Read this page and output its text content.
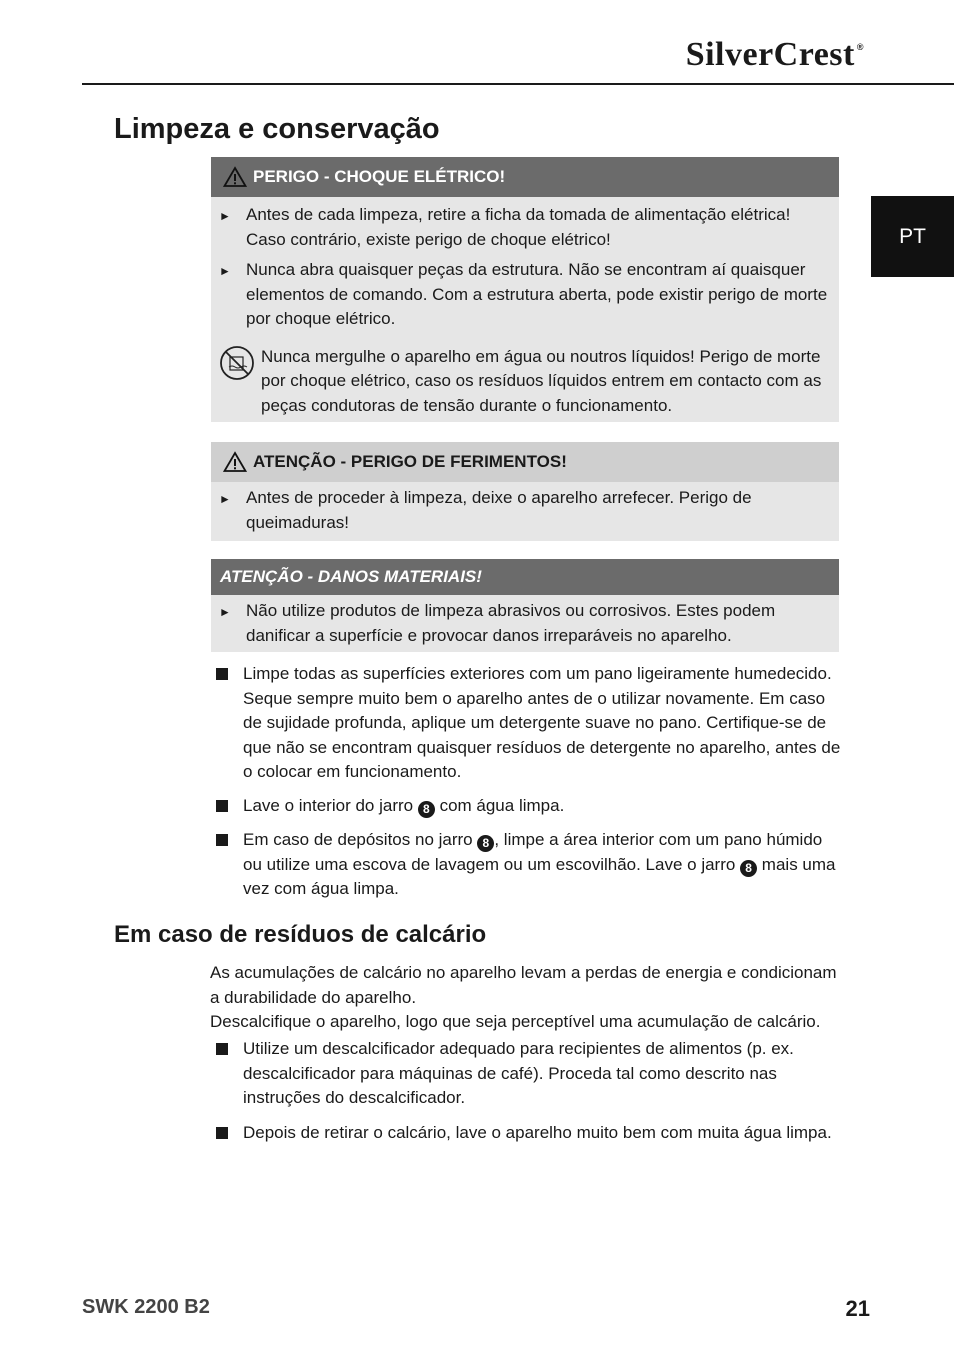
SilverCrest ®
PT
Limpeza e conservação
PERIGO - CHOQUE ELÉTRICO!
► Antes de cada limpeza, retire a ficha da tomada de alimentação elétrica! Caso contrário, existe perigo de choque elétrico!
► Nunca abra quaisquer peças da estrutura. Não se encontram aí quaisquer elementos de comando. Com a estrutura aberta, pode existir perigo de morte por choque elétrico.
Nunca mergulhe o aparelho em água ou noutros líquidos! Perigo de morte por choque elétrico, caso os resíduos líquidos entrem em contacto com as peças condutoras de tensão durante o funcionamento.
ATENÇÃO - PERIGO DE FERIMENTOS!
► Antes de proceder à limpeza, deixe o aparelho arrefecer. Perigo de queimaduras!
ATENÇÃO - DANOS MATERIAIS!
► Não utilize produtos de limpeza abrasivos ou corrosivos. Estes podem danificar a superfície e provocar danos irreparáveis no aparelho.
Limpe todas as superfícies exteriores com um pano ligeiramente humedecido. Seque sempre muito bem o aparelho antes de o utilizar novamente. Em caso de sujidade profunda, aplique um detergente suave no pano. Certifique-se de que não se encontram quaisquer resíduos de detergente no aparelho, antes de o colocar em funcionamento.
Lave o interior do jarro 8 com água limpa.
Em caso de depósitos no jarro 8 , limpe a área interior com um pano húmido ou utilize uma escova de lavagem ou um escovilhão. Lave o jarro 8 mais uma vez com água limpa.
Em caso de resíduos de calcário
As acumulações de calcário no aparelho levam a perdas de energia e condicionam a durabilidade do aparelho.
Descalcifique o aparelho, logo que seja perceptível uma acumulação de calcário.
Utilize um descalcificador adequado para recipientes de alimentos (p. ex. descalcificador para máquinas de café). Proceda tal como descrito nas instruções do descalcificador.
Depois de retirar o calcário, lave o aparelho muito bem com muita água limpa.
SWK 2200 B2	21
